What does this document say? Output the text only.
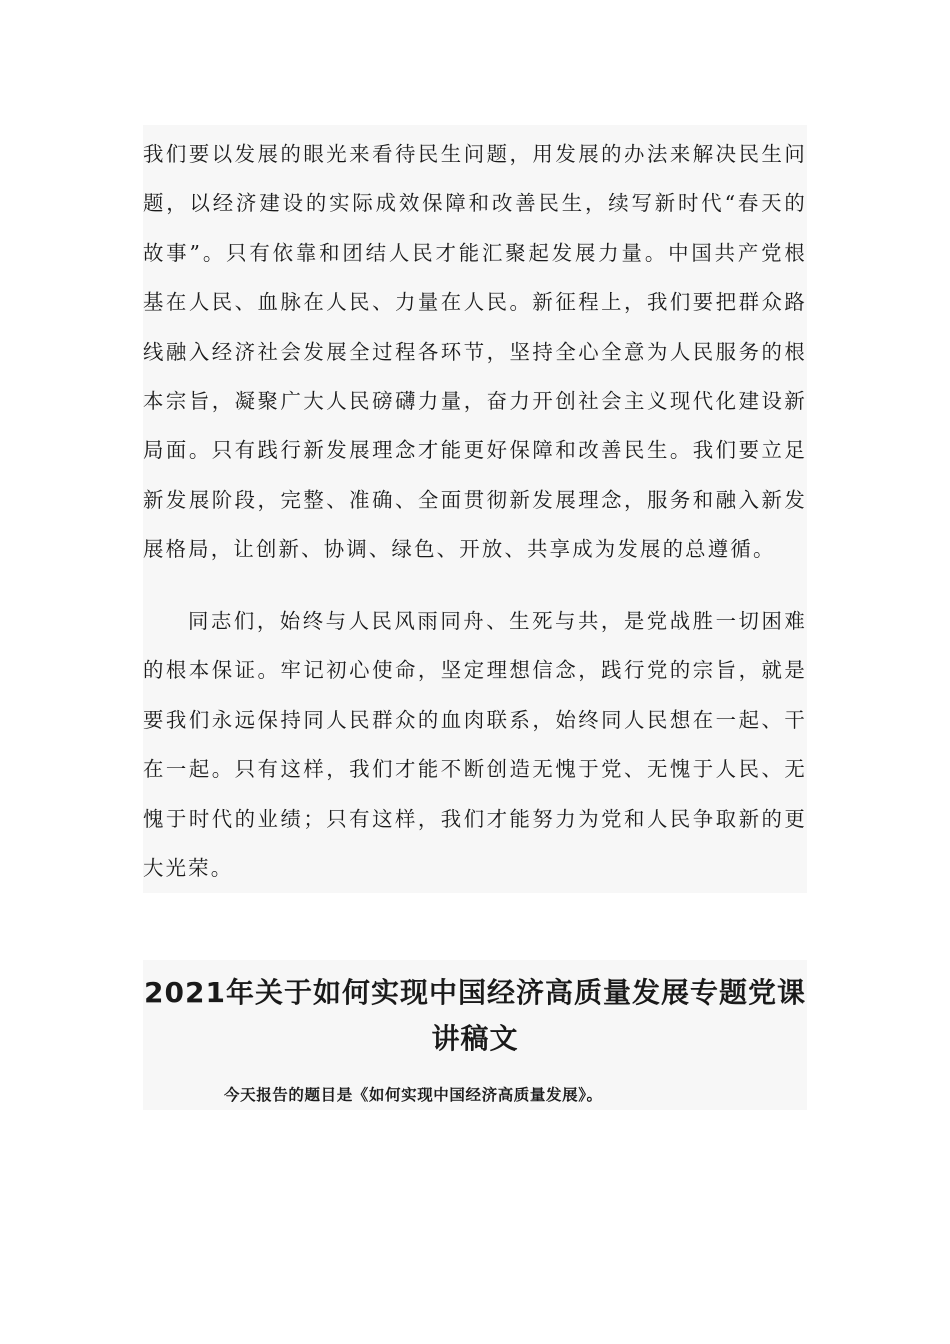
我们要以发展的眼光来看待民生问题，用发展的办法来解决民生问题，以经济建设的实际成效保障和改善民生，续写新时代“春天的故事”。只有依靠和团结人民才能汇聚起发展力量。中国共产党根基在人民、血脉在人民、力量在人民。新征程上，我们要把群众路线融入经济社会发展全过程各环节，坚持全心全意为人民服务的根本宗旨，凝聚广大人民磅礴力量，奋力开创社会主义现代化建设新局面。只有践行新发展理念才能更好保障和改善民生。我们要立足新发展阶段，完整、准确、全面贯彻新发展理念，服务和融入新发展格局，让创新、协调、绿色、开放、共享成为发展的总遵循。

同志们，始终与人民风雨同舟、生死与共，是党战胜一切困难的根本保证。牢记初心使命，坚定理想信念，践行党的宗旨，就是要我们永远保持同人民群众的血肉联系，始终同人民想在一起、干在一起。只有这样，我们才能不断创造无愧于党、无愧于人民、无愧于时代的业绩；只有这样，我们才能努力为党和人民争取新的更大光荣。

2021年关于如何实现中国经济高质量发展专题党课
讲稿文

今天报告的题目是《如何实现中国经济高质量发展》。
